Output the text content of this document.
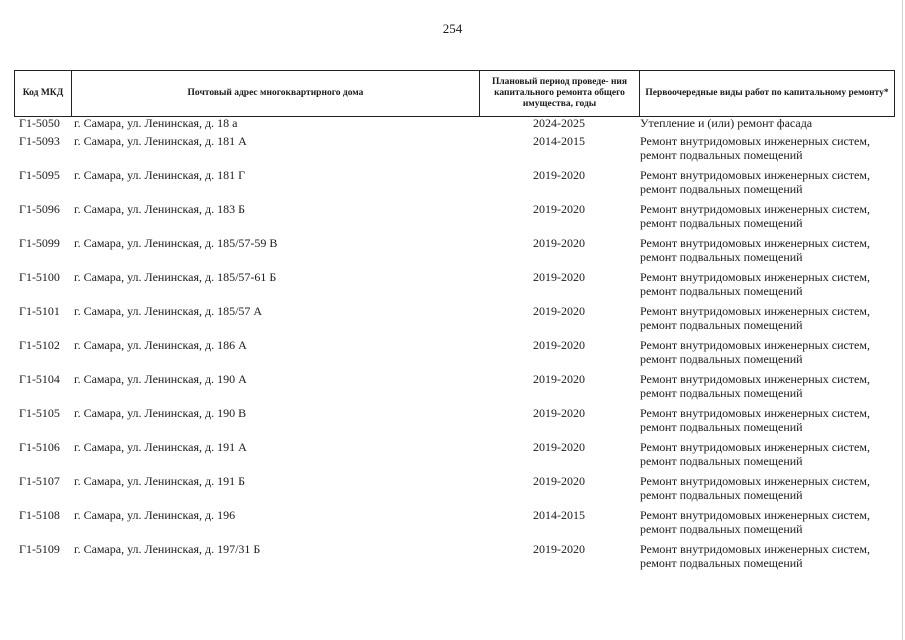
254
Код МКД	Почтовый адрес многоквартирного дома	Плановый период проведе- ния капитального ремонта общего имущества, годы	Первоочередные виды работ по капитальному ремонту*
Г1-5050	г. Самара, ул. Ленинская, д. 18 а	2024-2025	Утепление и (или) ремонт фасада
Г1-5093	г. Самара, ул. Ленинская, д. 181 А	2014-2015	Ремонт внутридомовых инженерных систем,
ремонт подвальных помещений
Г1-5095	г. Самара, ул. Ленинская, д. 181 Г	2019-2020	Ремонт внутридомовых инженерных систем,
ремонт подвальных помещений
Г1-5096	г. Самара, ул. Ленинская, д. 183 Б	2019-2020	Ремонт внутридомовых инженерных систем,
ремонт подвальных помещений
Г1-5099	г. Самара, ул. Ленинская, д. 185/57-59 В	2019-2020	Ремонт внутридомовых инженерных систем,
ремонт подвальных помещений
Г1-5100	г. Самара, ул. Ленинская, д. 185/57-61 Б	2019-2020	Ремонт внутридомовых инженерных систем,
ремонт подвальных помещений
Г1-5101	г. Самара, ул. Ленинская, д. 185/57 А	2019-2020	Ремонт внутридомовых инженерных систем,
ремонт подвальных помещений
Г1-5102	г. Самара, ул. Ленинская, д. 186 А	2019-2020	Ремонт внутридомовых инженерных систем,
ремонт подвальных помещений
Г1-5104	г. Самара, ул. Ленинская, д. 190 А	2019-2020	Ремонт внутридомовых инженерных систем,
ремонт подвальных помещений
Г1-5105	г. Самара, ул. Ленинская, д. 190 В	2019-2020	Ремонт внутридомовых инженерных систем,
ремонт подвальных помещений
Г1-5106	г. Самара, ул. Ленинская, д. 191 А	2019-2020	Ремонт внутридомовых инженерных систем,
ремонт подвальных помещений
Г1-5107	г. Самара, ул. Ленинская, д. 191 Б	2019-2020	Ремонт внутридомовых инженерных систем,
ремонт подвальных помещений
Г1-5108	г. Самара, ул. Ленинская, д. 196	2014-2015	Ремонт внутридомовых инженерных систем,
ремонт подвальных помещений
Г1-5109	г. Самара, ул. Ленинская, д. 197/31 Б	2019-2020	Ремонт внутридомовых инженерных систем,
ремонт подвальных помещений
